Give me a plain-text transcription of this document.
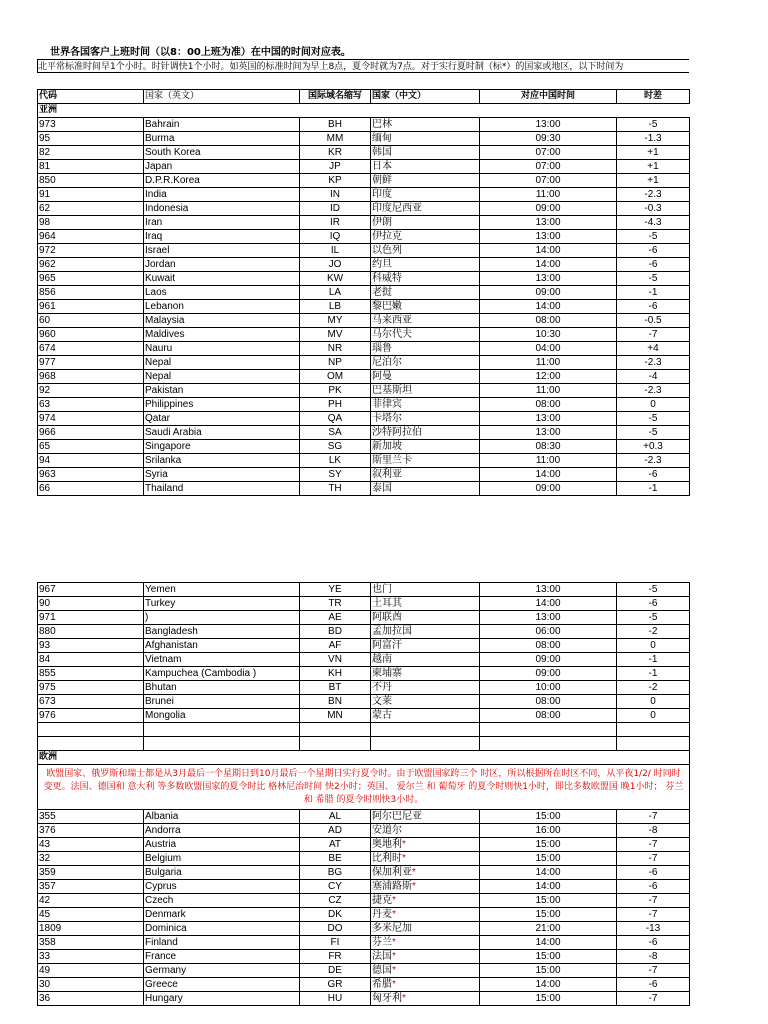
世界各国客户上班时间（以8：00上班为准）在中国的时间对应表。
北平常标准时间早1个小时。时针调快1个小时。如英国的标准时间为早上8点，夏令时就为7点。对于实行夏时制（标*）的国家或地区，以下时间为
代码	国家（英文）	国际域名缩写	国家（中文）	对应中国时间	时差
亚洲					
973	Bahrain	BH	巴林	13:00	-5
95	Burma	MM	缅甸	09:30	-1.3
82	South Korea	KR	韩国	07:00	+1
81	Japan	JP	日本	07:00	+1
850	D.P.R.Korea	KP	朝鲜	07:00	+1
91	India	IN	印度	11:00	-2.3
62	Indonesia	ID	印度尼西亚	09:00	-0.3
98	Iran	IR	伊朗	13:00	-4.3
964	Iraq	IQ	伊拉克	13:00	-5
972	Israel	IL	以色列	14:00	-6
962	Jordan	JO	约旦	14:00	-6
965	Kuwait	KW	科威特	13:00	-5
856	Laos	LA	老挝	09:00	-1
961	Lebanon	LB	黎巴嫩	14:00	-6
60	Malaysia	MY	马来西亚	08:00	-0.5
960	Maldives	MV	马尔代夫	10:30	-7
674	Nauru	NR	瑙鲁	04:00	+4
977	Nepal	NP	尼泊尔	11:00	-2.3
968	Nepal	OM	阿曼	12:00	-4
92	Pakistan	PK	巴基斯坦	11:00	-2.3
63	Philippines	PH	菲律宾	08:00	0
974	Qatar	QA	卡塔尔	13:00	-5
966	Saudi Arabia	SA	沙特阿拉伯	13:00	-5
65	Singapore	SG	新加坡	08:30	+0.3
94	Srilanka	LK	斯里兰卡	11:00	-2.3
963	Syria	SY	叙利亚	14:00	-6
66	Thailand	TH	泰国	09:00	-1
967	Yemen	YE	也门	13:00	-5
90	Turkey	TR	土耳其	14:00	-6
971	)	AE	阿联酋	13:00	-5
880	Bangladesh	BD	孟加拉国	06:00	-2
93	Afghanistan	AF	阿富汗	08:00	0
84	Vietnam	VN	越南	09:00	-1
855	Kampuchea (Cambodia )	KH	柬埔寨	09:00	-1
975	Bhutan	BT	不丹	10:00	-2
673	Brunei	BN	文莱	08:00	0
976	Mongolia	MN	蒙古	08:00	0

欧洲					
欧盟国家、俄罗斯和瑞士都是从3月最后一个星期日到10月最后一个星期日实行夏令时。由于欧盟国家跨三个 时区，所以根据所在时区不同，从平夜1/2/ 时同时变更。法国、德国和 意大利 等多数欧盟国家的夏令时比 格林尼治时间 快2小时；英国、 爱尔兰 和 葡萄牙 的夏令时则快1小时，即比多数欧盟国 晚1小时； 芬兰 和 希腊 的夏令时则快3小时。					
355	Albania	AL	阿尔巴尼亚	15:00	-7
376	Andorra	AD	安道尔	16:00	-8
43	Austria	AT	奥地利*	15:00	-7
32	Belgium	BE	比利时*	15:00	-7
359	Bulgaria	BG	保加利亚*	14:00	-6
357	Cyprus	CY	塞浦路斯*	14:00	-6
42	Czech	CZ	捷克*	15:00	-7
45	Denmark	DK	丹麦*	15:00	-7
1809	Dominica	DO	多米尼加	21:00	-13
358	Finland	FI	芬兰*	14:00	-6
33	France	FR	法国*	15:00	-8
49	Germany	DE	德国*	15:00	-7
30	Greece	GR	希腊*	14:00	-6
36	Hungary	HU	匈牙利*	15:00	-7
